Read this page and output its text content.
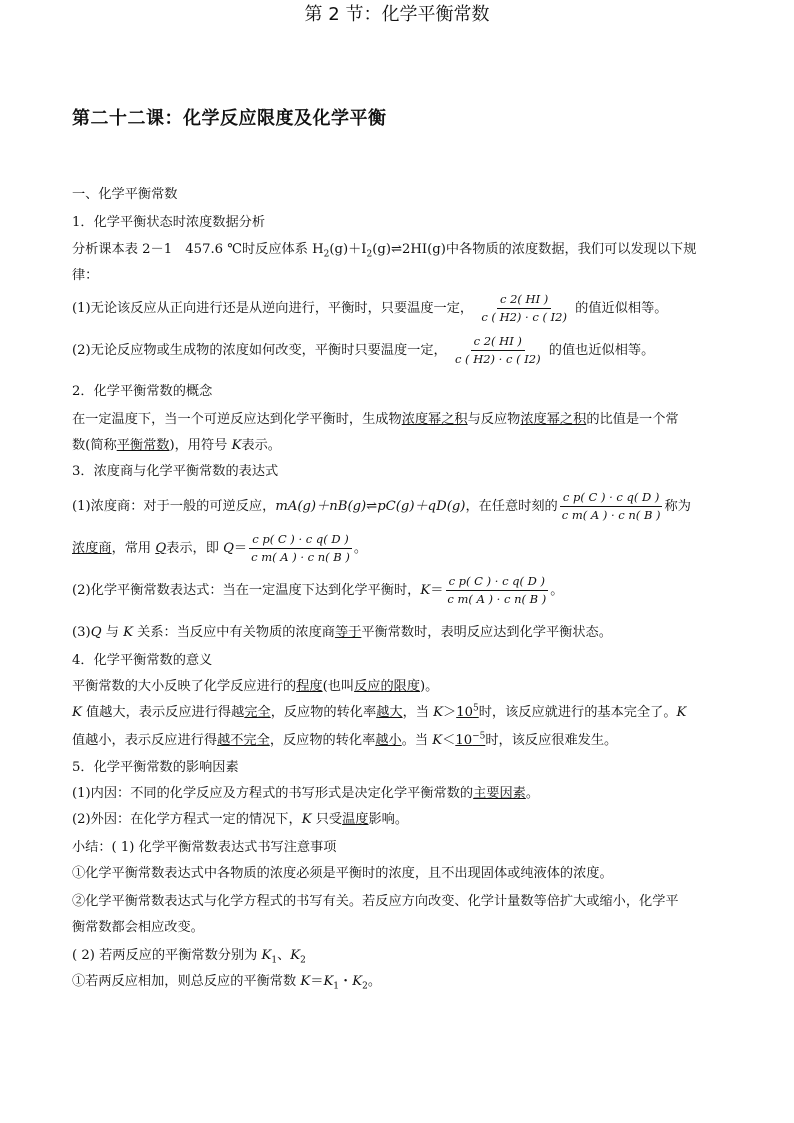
第二十二课：化学反应限度及化学平衡
第 2 节：化学平衡常数
一、化学平衡常数
1．化学平衡状态时浓度数据分析
分析课本表 2－1　457.6 ℃时反应体系 $H_2(g)+I_2(g)\rightleftharpoons 2HI(g)$中各物质的浓度数据，我们可以发现以下规
律：
(1)无论该反应从正向进行还是从逆向进行，平衡时，只要温度一定， $\frac{c 2( HI )}{c ( H2) \cdot c ( I2)}$ 的值近似相等。
(2)无论反应物或生成物的浓度如何改变，平衡时只要温度一定， $\frac{c 2( HI )}{c ( H2) \cdot c ( I2)}$ 的值也近似相等。
2．化学平衡常数的概念
在一定温度下，当一个可逆反应达到化学平衡时，生成物浓度幂之积与反应物浓度幂之积的比值是一个常
数(简称平衡常数)，用符号 K表示。
3．浓度商与化学平衡常数的表达式
(1)浓度商：对于一般的可逆反应，mA(g)＋nB(g)⇌pC(g)＋qD(g)，在任意时刻的 $\frac{\text{c p( C ) · c q( D )}}{\text{c m( A ) · c n( B )}}$ 称为
浓度商，常用 Q表示，即 $Q= \frac{\text{c p( C ) · c q( D )}}{\text{c m( A ) · c n( B )}}$ 。
(2)化学平衡常数表达式：当在一定温度下达到化学平衡时，$K= \frac{\text{c p( C ) · c q( D )}}{\text{c m( A ) · c n( B )}}$ 。
(3)Q 与 K 关系：当反应中有关物质的浓度商等于平衡常数时，表明反应达到化学平衡状态。
4．化学平衡常数的意义
平衡常数的大小反映了化学反应进行的程度(也叫反应的限度)。
K 值越大，表示反应进行得越完全，反应物的转化率越大，当 $K>10^5$时，该反应就进行的基本完全了。K
值越小，表示反应进行得越不完全，反应物的转化率越小。当 $K<10^{-5}$时，该反应很难发生。
5．化学平衡常数的影响因素
(1)内因：不同的化学反应及方程式的书写形式是决定化学平衡常数的主要因素。
(2)外因：在化学方程式一定的情况下，K 只受温度影响。
小结：( 1) 化学平衡常数表达式书写注意事项
①化学平衡常数表达式中各物质的浓度必须是平衡时的浓度，且不出现固体或纯液体的浓度。
②化学平衡常数表达式与化学方程式的书写有关。若反应方向改变、化学计量数等倍扩大或缩小，化学平
衡常数都会相应改变。
( 2) 若两反应的平衡常数分别为 $K_1$、$K_2$
①若两反应相加，则总反应的平衡常数 $K=K_1$・$K_2$。
